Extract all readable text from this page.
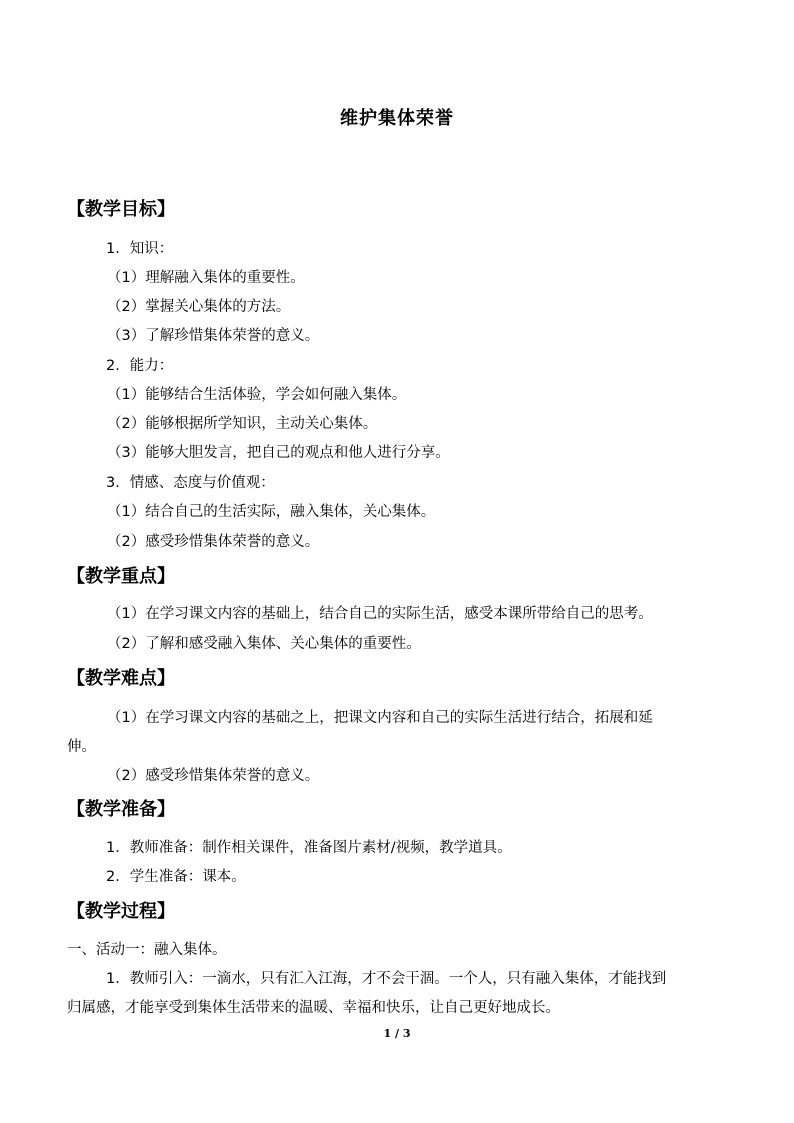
维护集体荣誉
【教学目标】
1．知识：
（1）理解融入集体的重要性。
（2）掌握关心集体的方法。
（3）了解珍惜集体荣誉的意义。
2．能力：
（1）能够结合生活体验，学会如何融入集体。
（2）能够根据所学知识，主动关心集体。
（3）能够大胆发言，把自己的观点和他人进行分享。
3．情感、态度与价值观：
（1）结合自己的生活实际，融入集体，关心集体。
（2）感受珍惜集体荣誉的意义。
【教学重点】
（1）在学习课文内容的基础上，结合自己的实际生活，感受本课所带给自己的思考。
（2）了解和感受融入集体、关心集体的重要性。
【教学难点】
（1）在学习课文内容的基础之上，把课文内容和自己的实际生活进行结合，拓展和延
伸。
（2）感受珍惜集体荣誉的意义。
【教学准备】
1．教师准备：制作相关课件，准备图片素材/视频，教学道具。
2．学生准备：课本。
【教学过程】
一、活动一：融入集体。
1．教师引入：一滴水，只有汇入江海，才不会干涸。一个人，只有融入集体，才能找到
归属感，才能享受到集体生活带来的温暖、幸福和快乐，让自己更好地成长。
1 / 3
